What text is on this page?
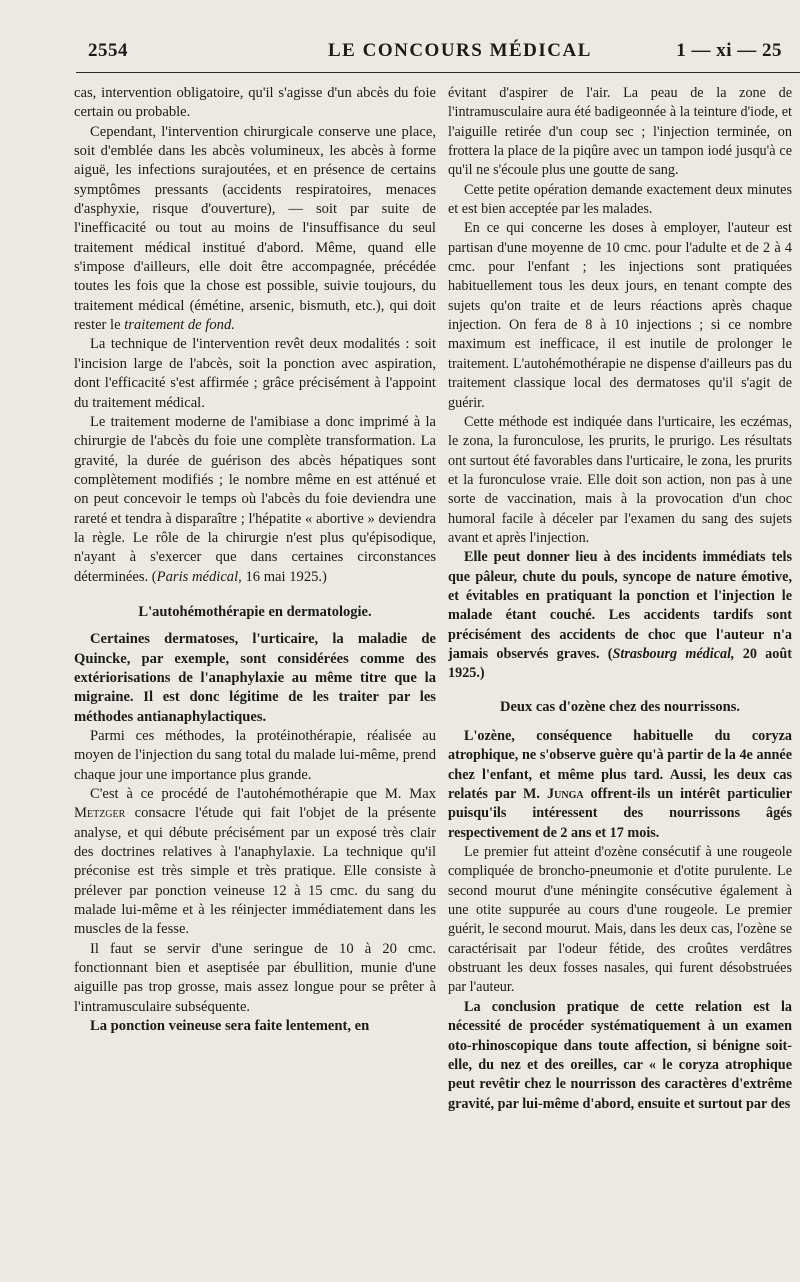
2554	LE CONCOURS MÉDICAL	1 — xi — 25

cas, intervention obligatoire, qu'il s'agisse d'un abcès du foie certain ou probable.

Cependant, l'intervention chirurgicale conserve une place, soit d'emblée dans les abcès volumineux, les abcès à forme aiguë, les infections surajoutées, et en présence de certains symptômes pressants (accidents respiratoires, menaces d'asphyxie, risque d'ouverture), — soit par suite de l'inefficacité ou tout au moins de l'insuffisance du seul traitement médical institué d'abord. Même, quand elle s'impose d'ailleurs, elle doit être accompagnée, précédée toutes les fois que la chose est possible, suivie toujours, du traitement médical (émétine, arsenic, bismuth, etc.), qui doit rester le traitement de fond.

La technique de l'intervention revêt deux modalités : soit l'incision large de l'abcès, soit la ponction avec aspiration, dont l'efficacité s'est affirmée ; grâce précisément à l'appoint du traitement médical.

Le traitement moderne de l'amibiase a donc imprimé à la chirurgie de l'abcès du foie une complète transformation. La gravité, la durée de guérison des abcès hépatiques sont complètement modifiés ; le nombre même en est atténué et on peut concevoir le temps où l'abcès du foie deviendra une rareté et tendra à disparaître ; l'hépatite « abortive » deviendra la règle. Le rôle de la chirurgie n'est plus qu'épisodique, n'ayant à s'exercer que dans certaines circonstances déterminées. (Paris médical, 16 mai 1925.)

L'autohémothérapie en dermatologie.

Certaines dermatoses, l'urticaire, la maladie de Quincke, par exemple, sont considérées comme des extériorisations de l'anaphylaxie au même titre que la migraine. Il est donc légitime de les traiter par les méthodes antianaphylactiques.

Parmi ces méthodes, la protéinothérapie, réalisée au moyen de l'injection du sang total du malade lui-même, prend chaque jour une importance plus grande.

C'est à ce procédé de l'autohémothérapie que M. Max Metzger consacre l'étude qui fait l'objet de la présente analyse, et qui débute précisément par un exposé très clair des doctrines relatives à l'anaphylaxie. La technique qu'il préconise est très simple et très pratique. Elle consiste à prélever par ponction veineuse 12 à 15 cmc. du sang du malade lui-même et à les réinjecter immédiatement dans les muscles de la fesse.

Il faut se servir d'une seringue de 10 à 20 cmc. fonctionnant bien et aseptisée par ébullition, munie d'une aiguille pas trop grosse, mais assez longue pour se prêter à l'intramusculaire subséquente.

La ponction veineuse sera faite lentement, en

évitant d'aspirer de l'air. La peau de la zone de l'intramusculaire aura été badigeonnée à la teinture d'iode, et l'aiguille retirée d'un coup sec ; l'injection terminée, on frottera la place de la piqûre avec un tampon iodé jusqu'à ce qu'il ne s'écoule plus une goutte de sang.

Cette petite opération demande exactement deux minutes et est bien acceptée par les malades.

En ce qui concerne les doses à employer, l'auteur est partisan d'une moyenne de 10 cmc. pour l'adulte et de 2 à 4 cmc. pour l'enfant ; les injections sont pratiquées habituellement tous les deux jours, en tenant compte des sujets qu'on traite et de leurs réactions après chaque injection. On fera de 8 à 10 injections ; si ce nombre maximum est inefficace, il est inutile de prolonger le traitement. L'autohémothérapie ne dispense d'ailleurs pas du traitement classique local des dermatoses qu'il s'agit de guérir.

Cette méthode est indiquée dans l'urticaire, les eczémas, le zona, la furonculose, les prurits, le prurigo. Les résultats ont surtout été favorables dans l'urticaire, le zona, les prurits et la furonculose vraie. Elle doit son action, non pas à une sorte de vaccination, mais à la provocation d'un choc humoral facile à déceler par l'examen du sang des sujets avant et après l'injection.

Elle peut donner lieu à des incidents immédiats tels que pâleur, chute du pouls, syncope de nature émotive, et évitables en pratiquant la ponction et l'injection le malade étant couché. Les accidents tardifs sont précisément des accidents de choc que l'auteur n'a jamais observés graves. (Strasbourg médical, 20 août 1925.)

Deux cas d'ozène chez des nourrissons.

L'ozène, conséquence habituelle du coryza atrophique, ne s'observe guère qu'à partir de la 4e année chez l'enfant, et même plus tard. Aussi, les deux cas relatés par M. Junga offrent-ils un intérêt particulier puisqu'ils intéressent des nourrissons âgés respectivement de 2 ans et 17 mois.

Le premier fut atteint d'ozène consécutif à une rougeole compliquée de broncho-pneumonie et d'otite purulente. Le second mourut d'une méningite consécutive également à une otite suppurée au cours d'une rougeole. Le premier guérit, le second mourut. Mais, dans les deux cas, l'ozène se caractérisait par l'odeur fétide, des croûtes verdâtres obstruant les deux fosses nasales, qui furent désobstruées par l'auteur.

La conclusion pratique de cette relation est la nécessité de procéder systématiquement à un examen oto-rhinoscopique dans toute affection, si bénigne soit-elle, du nez et des oreilles, car « le coryza atrophique peut revêtir chez le nourrisson des caractères d'extrême gravité, par lui-même d'abord, ensuite et surtout par des
